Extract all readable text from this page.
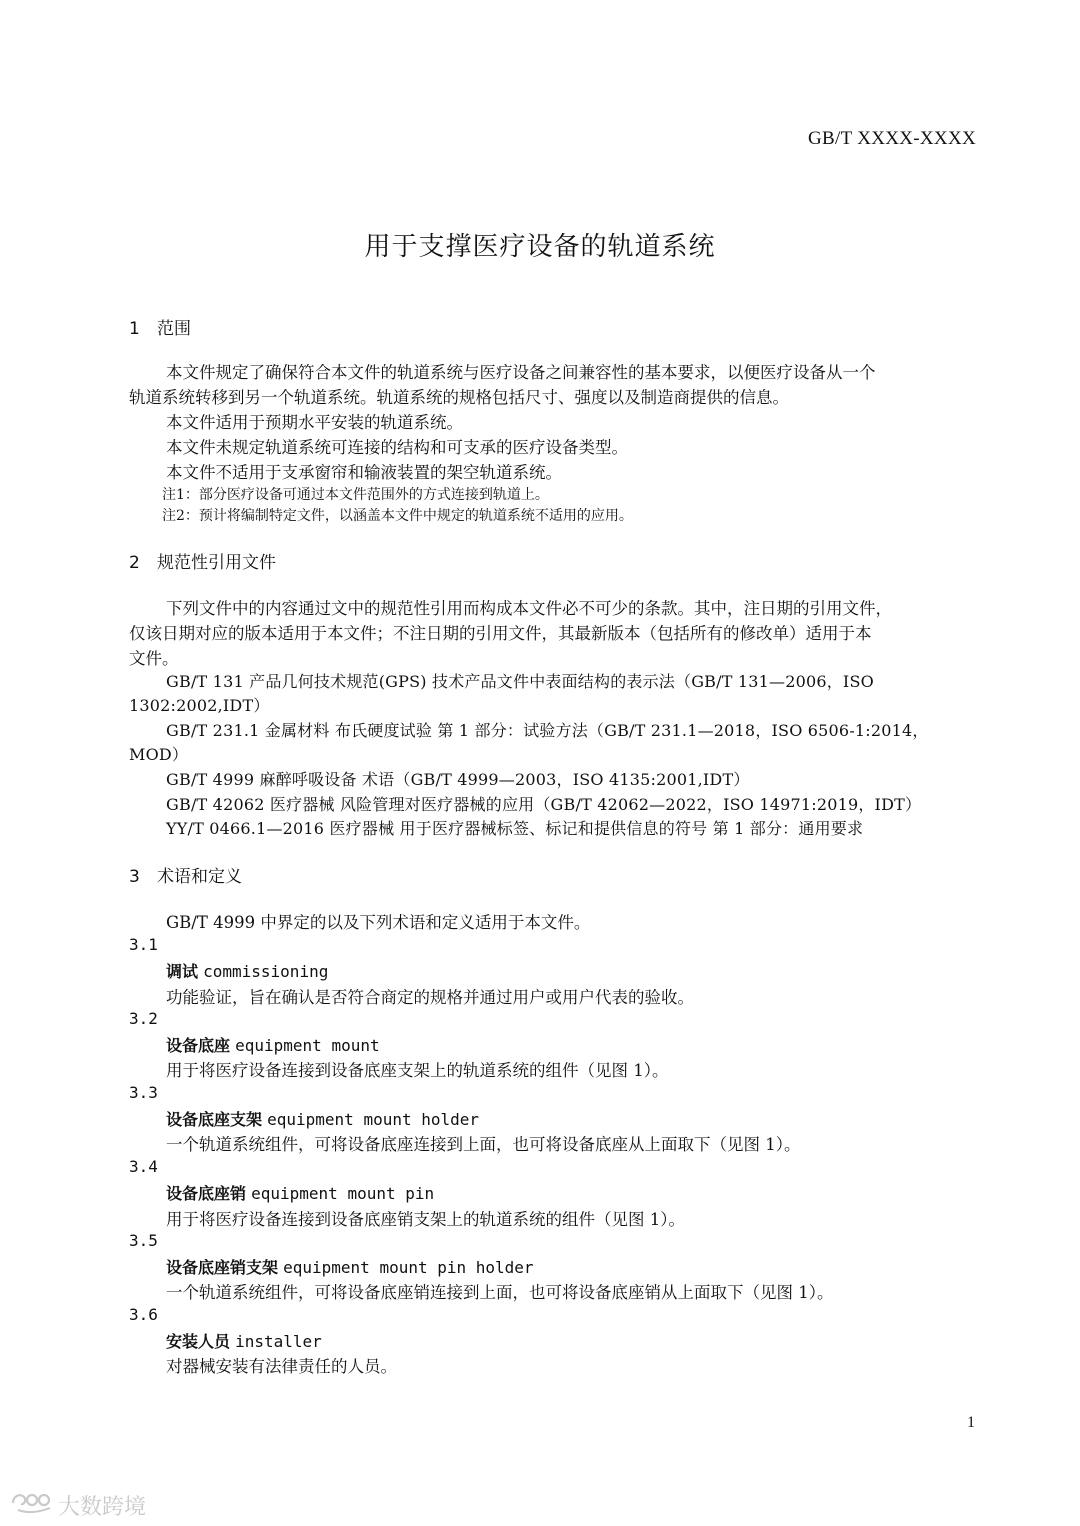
GB/T XXXX-XXXX
用于支撑医疗设备的轨道系统
1 范围
本文件规定了确保符合本文件的轨道系统与医疗设备之间兼容性的基本要求，以便医疗设备从一个
轨道系统转移到另一个轨道系统。轨道系统的规格包括尺寸、强度以及制造商提供的信息。
本文件适用于预期水平安装的轨道系统。
本文件未规定轨道系统可连接的结构和可支承的医疗设备类型。
本文件不适用于支承窗帘和输液装置的架空轨道系统。
注1：部分医疗设备可通过本文件范围外的方式连接到轨道上。
注2：预计将编制特定文件，以涵盖本文件中规定的轨道系统不适用的应用。
2 规范性引用文件
下列文件中的内容通过文中的规范性引用而构成本文件必不可少的条款。其中，注日期的引用文件，
仅该日期对应的版本适用于本文件；不注日期的引用文件，其最新版本（包括所有的修改单）适用于本
文件。
GB/T 131 产品几何技术规范(GPS) 技术产品文件中表面结构的表示法（GB/T 131—2006，ISO
1302:2002,IDT）
GB/T 231.1 金属材料 布氏硬度试验 第 1 部分：试验方法（GB/T 231.1—2018，ISO 6506-1:2014，
MOD）
GB/T 4999 麻醉呼吸设备 术语（GB/T 4999—2003，ISO 4135:2001,IDT）
GB/T 42062 医疗器械 风险管理对医疗器械的应用（GB/T 42062—2022，ISO 14971:2019，IDT）
YY/T 0466.1—2016 医疗器械 用于医疗器械标签、标记和提供信息的符号 第 1 部分：通用要求
3 术语和定义
GB/T 4999 中界定的以及下列术语和定义适用于本文件。
3.1
调试 commissioning
功能验证，旨在确认是否符合商定的规格并通过用户或用户代表的验收。
3.2
设备底座 equipment mount
用于将医疗设备连接到设备底座支架上的轨道系统的组件（见图 1）。
3.3
设备底座支架 equipment mount holder
一个轨道系统组件，可将设备底座连接到上面，也可将设备底座从上面取下（见图 1）。
3.4
设备底座销 equipment mount pin
用于将医疗设备连接到设备底座销支架上的轨道系统的组件（见图 1）。
3.5
设备底座销支架 equipment mount pin holder
一个轨道系统组件，可将设备底座销连接到上面，也可将设备底座销从上面取下（见图 1）。
3.6
安装人员 installer
对器械安装有法律责任的人员。
1
大数跨境
